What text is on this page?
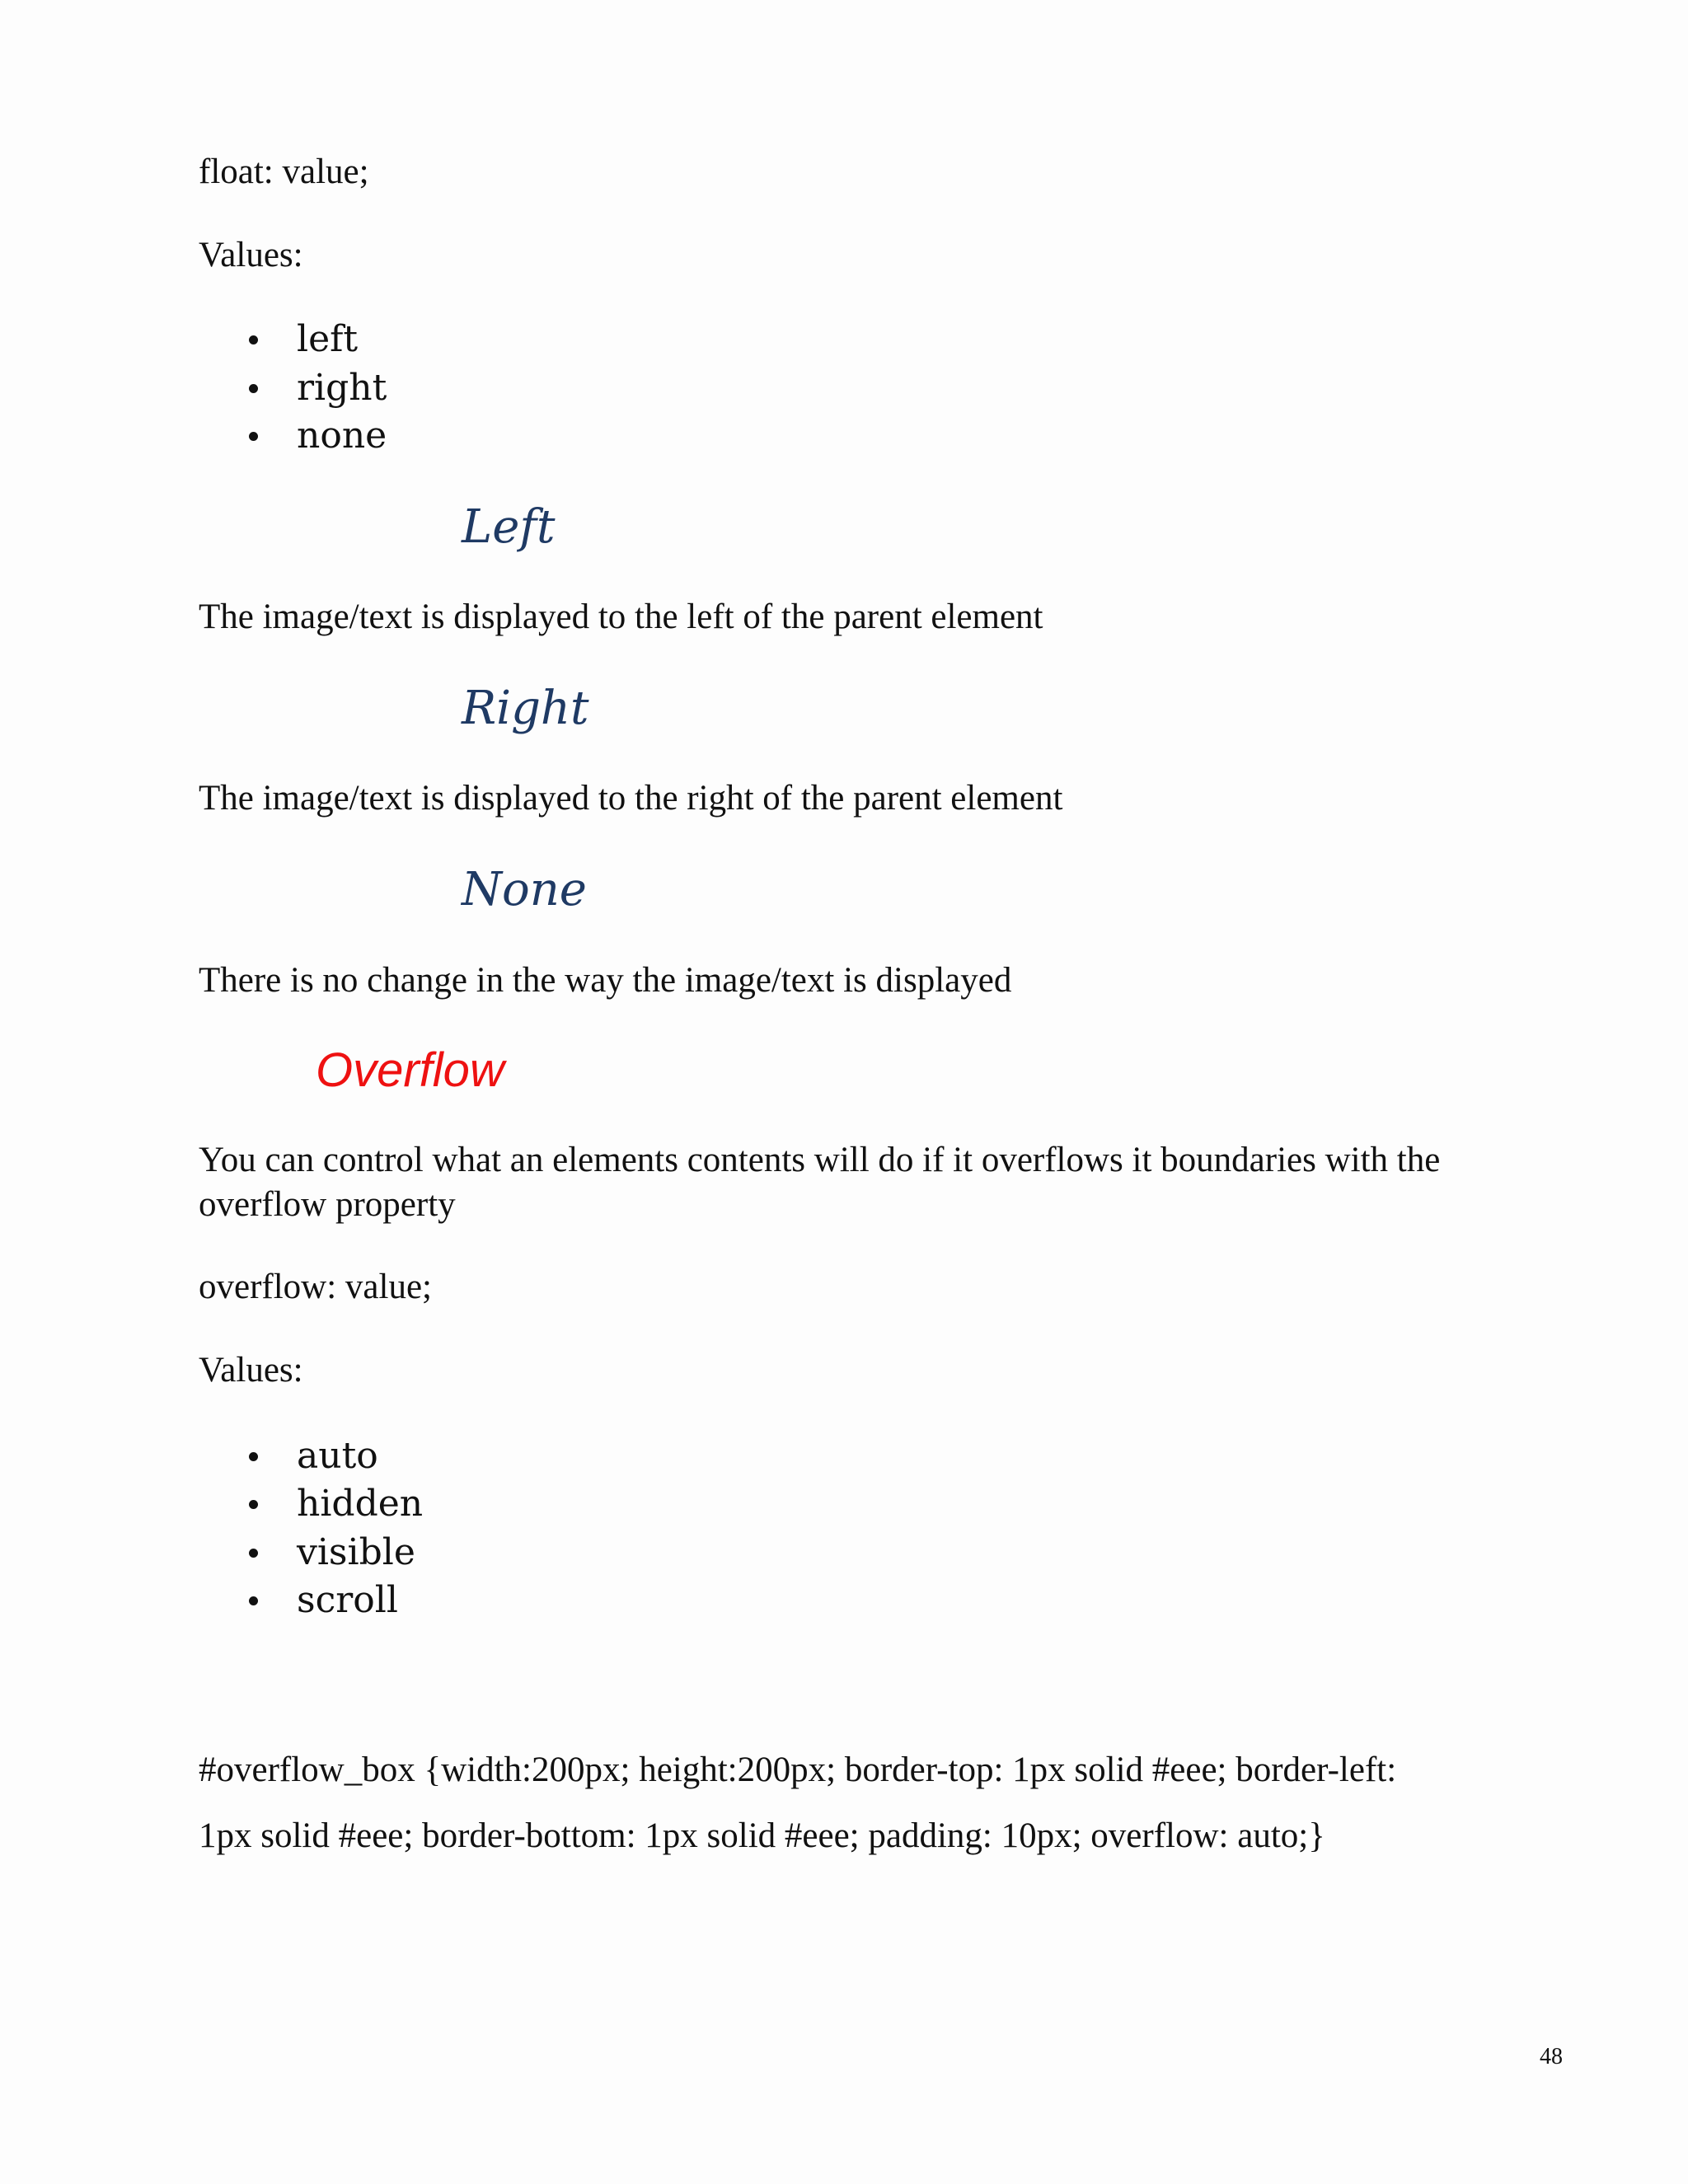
float: value;
Values:
left
right
none
Left
The image/text is displayed to the left of the parent element
Right
The image/text is displayed to the right of the parent element
None
There is no change in the way the image/text is displayed
Overflow
You can control what an elements contents will do if it overflows it boundaries with the
overflow property
overflow: value;
Values:
auto
hidden
visible
scroll
#overflow_box {width:200px; height:200px; border-top: 1px solid #eee; border-left:
1px solid #eee; border-bottom: 1px solid #eee; padding: 10px; overflow: auto;}
48
